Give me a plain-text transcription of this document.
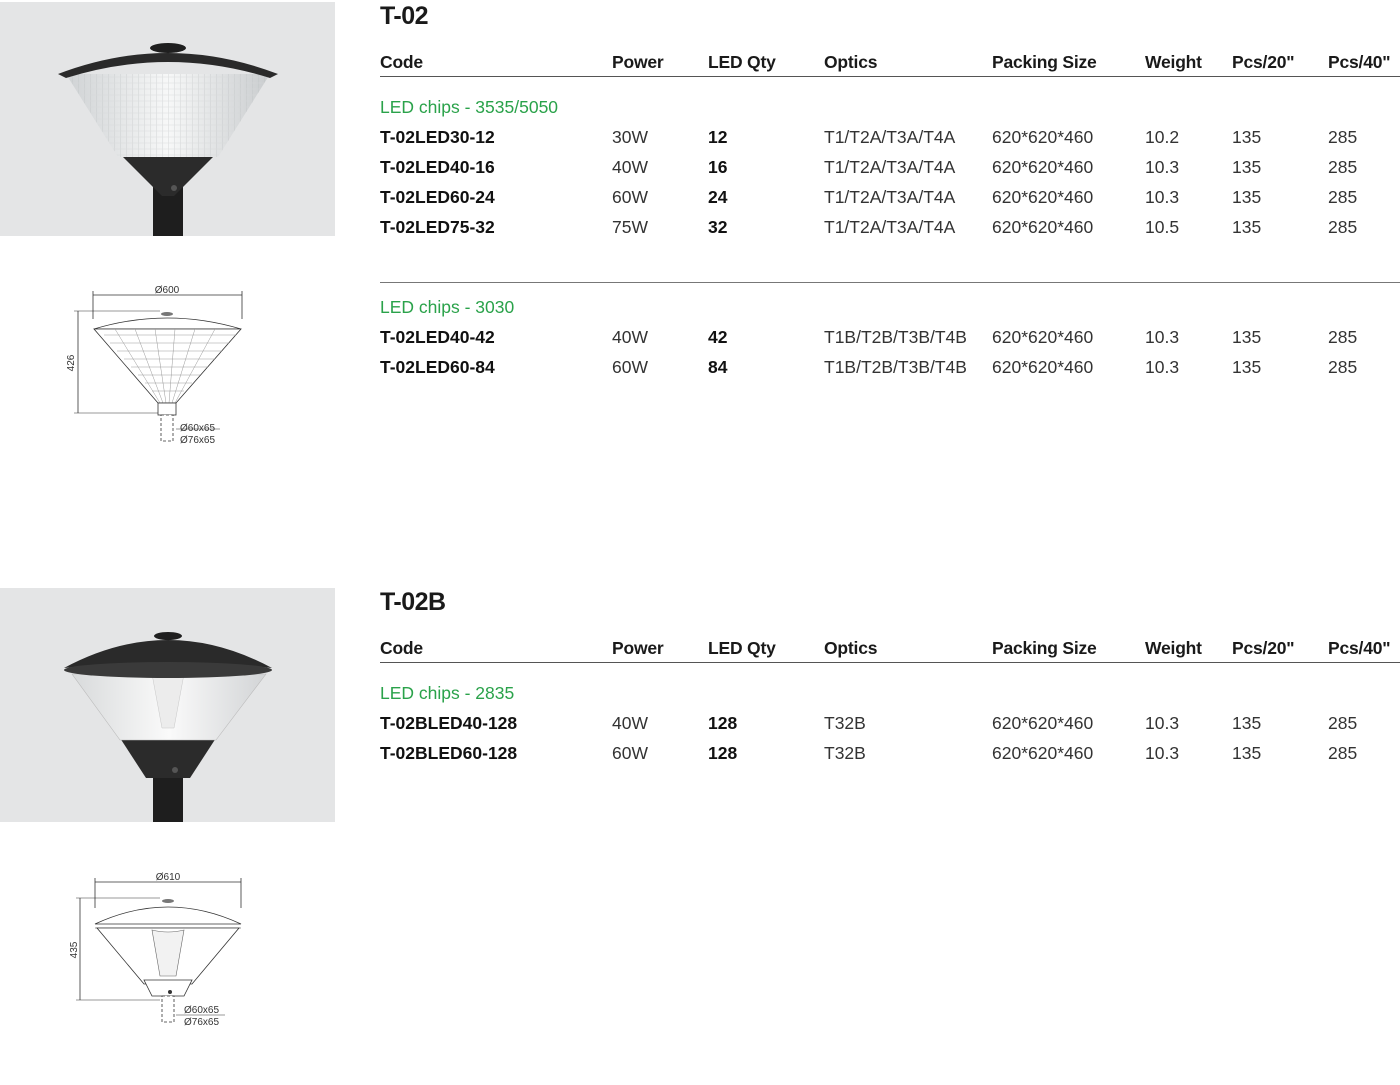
Ø600
426
Ø60x65
Ø76x65
T-02
Code	Power	LED Qty	Optics	Packing Size	Weight Pcs/20" Pcs/40"
LED chips - 3535/5050
T-02LED30-12	30W	12	T1/T2A/T3A/T4A 620*620*460	10.2	135	285
T-02LED40-16	40W	16	T1/T2A/T3A/T4A 620*620*460	10.3	135	285
T-02LED60-24	60W	24	T1/T2A/T3A/T4A 620*620*460	10.3	135	285
T-02LED75-32	75W	32	T1/T2A/T3A/T4A 620*620*460	10.5	135	285
LED chips - 3030
T-02LED40-42	40W	42	T1B/T2B/T3B/T4B 620*620*460	10.3	135	285
T-02LED60-84	60W	84	T1B/T2B/T3B/T4B 620*620*460	10.3	135	285
Ø610
435
Ø60x65
Ø76x65
T-02B
Code	Power	LED Qty	Optics	Packing Size	Weight Pcs/20" Pcs/40"
LED chips - 2835
T-02BLED40-128	40W	128	T32B	620*620*460	10.3	135	285
T-02BLED60-128	60W	128	T32B	620*620*460	10.3	135	285
